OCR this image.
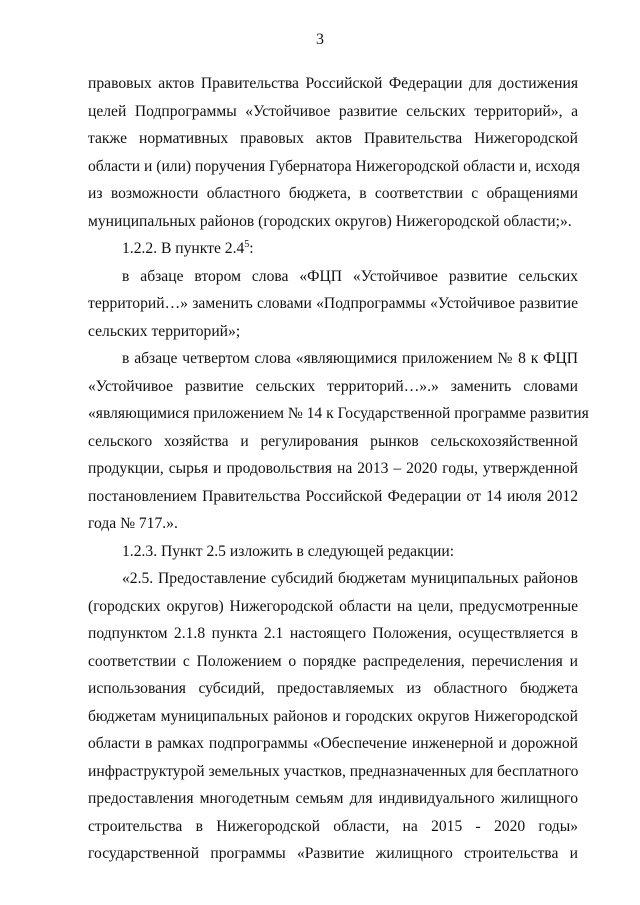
3
правовых актов Правительства Российской Федерации для достижения
целей Подпрограммы «Устойчивое развитие сельских территорий», а
также нормативных правовых актов Правительства Нижегородской
области и (или) поручения Губернатора Нижегородской области и, исходя
из возможности областного бюджета, в соответствии с обращениями
муниципальных районов (городских округов) Нижегородской области;».
1.2.2. В пункте $2.4^5$:
в абзаце втором слова «ФЦП «Устойчивое развитие сельских
территорий…» заменить словами «Подпрограммы «Устойчивое развитие
сельских территорий»;
в абзаце четвертом слова «являющимися приложением № 8 к ФЦП
«Устойчивое развитие сельских территорий…».» заменить словами
«являющимися приложением № 14 к Государственной программе развития
сельского хозяйства и регулирования рынков сельскохозяйственной
продукции, сырья и продовольствия на 2013 – 2020 годы, утвержденной
постановлением Правительства Российской Федерации от 14 июля 2012
года № 717.».
1.2.3. Пункт 2.5 изложить в следующей редакции:
«2.5. Предоставление субсидий бюджетам муниципальных районов
(городских округов) Нижегородской области на цели, предусмотренные
подпунктом 2.1.8 пункта 2.1 настоящего Положения, осуществляется в
соответствии с Положением о порядке распределения, перечисления и
использования субсидий, предоставляемых из областного бюджета
бюджетам муниципальных районов и городских округов Нижегородской
области в рамках подпрограммы «Обеспечение инженерной и дорожной
инфраструктурой земельных участков, предназначенных для бесплатного
предоставления многодетным семьям для индивидуального жилищного
строительства в Нижегородской области, на 2015 - 2020 годы»
государственной программы «Развитие жилищного строительства и
